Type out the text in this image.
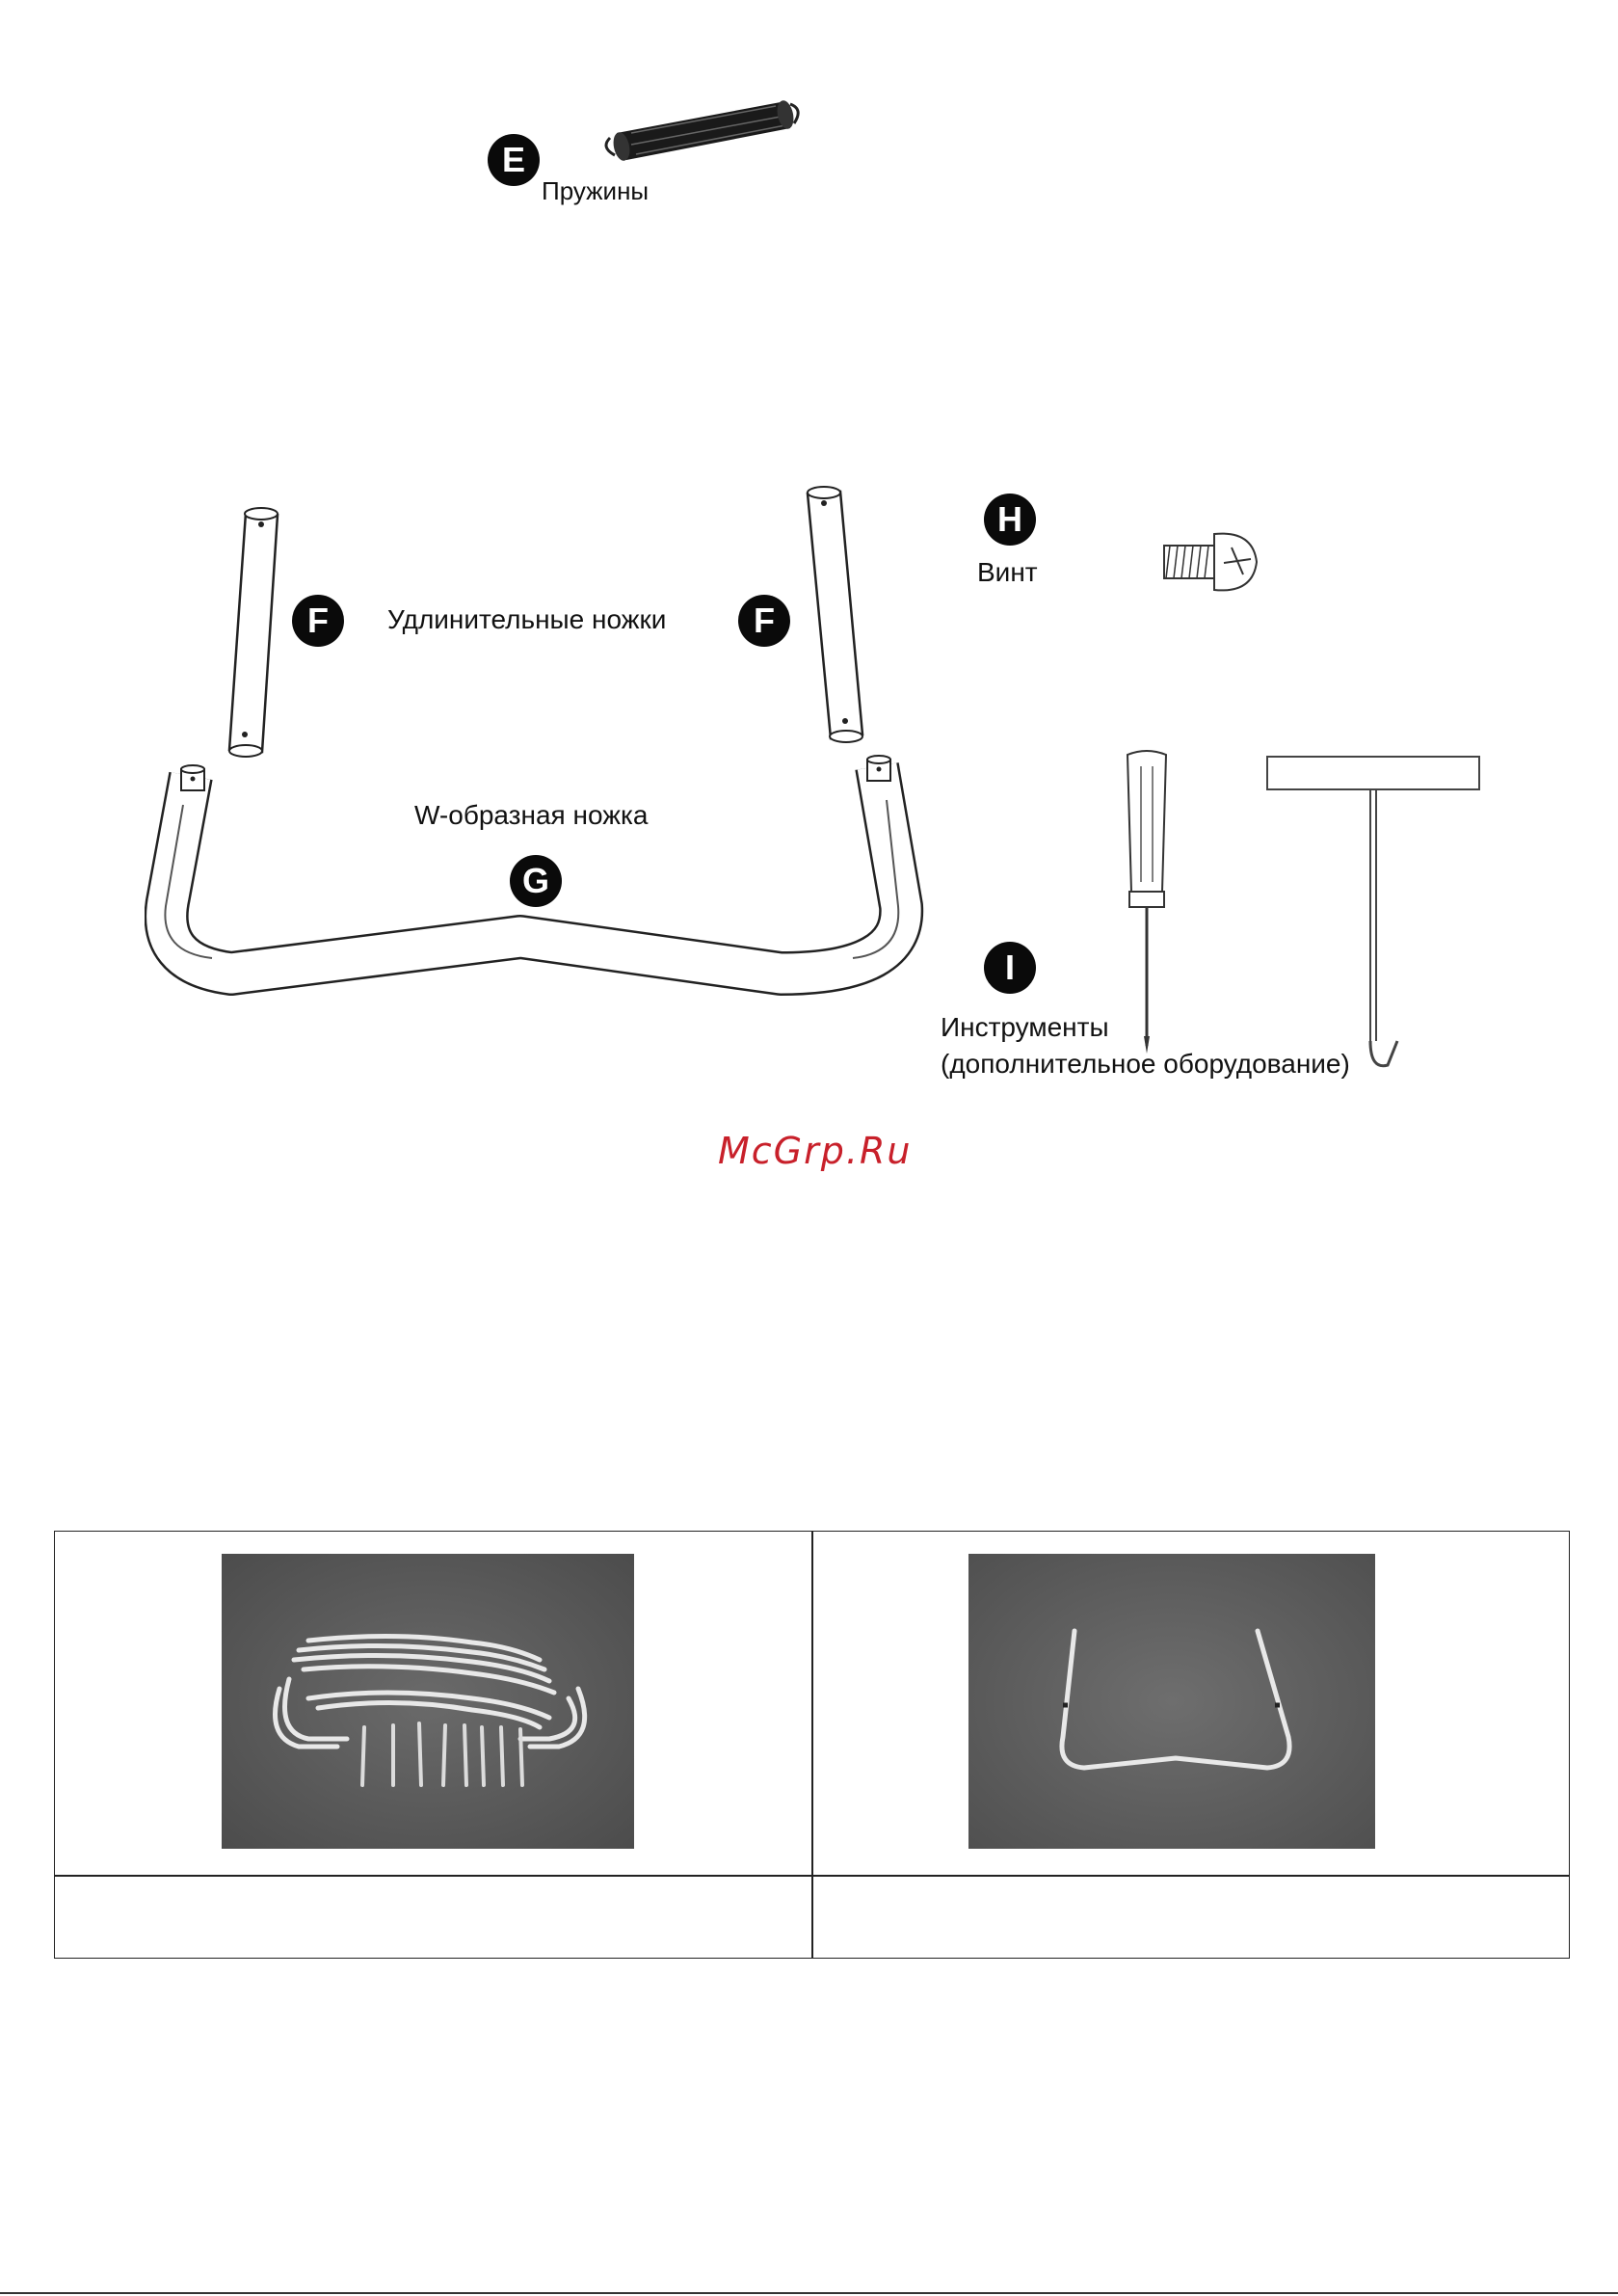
E
Пружины
F	Удлинительные ножки	F
W-образная ножка
G
H
Винт
I
Инструменты
(дополнительное оборудование)
McGrp.Ru
